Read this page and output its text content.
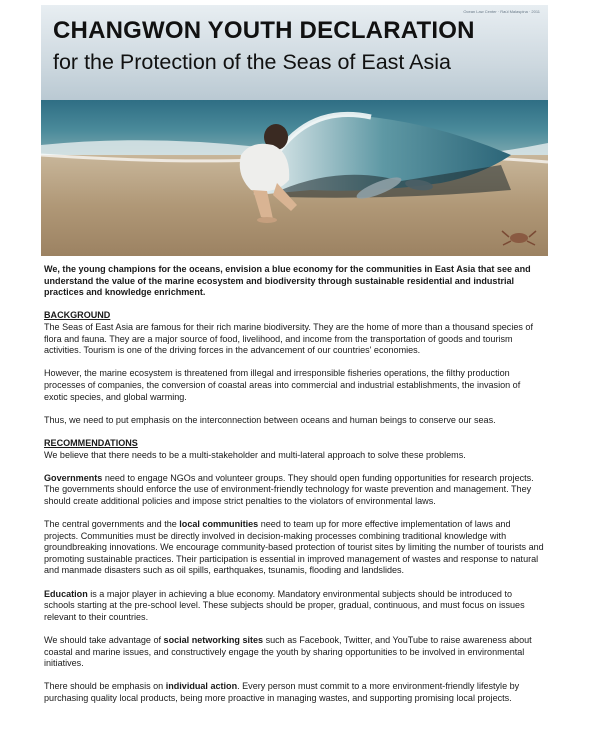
Ocean Law Center · Raúl Malaspina · 2011
CHANGWON YOUTH DECLARATION
for the Protection of the Seas of East Asia

We, the young champions for the oceans, envision a blue economy for the communities in East Asia that see and understand the value of the marine ecosystem and biodiversity through sustainable residential and industrial practices and knowledge enrichment.

BACKGROUND

The Seas of East Asia are famous for their rich marine biodiversity. They are the home of more than a thousand species of flora and fauna. They are a major source of food, livelihood, and income from the transportation of goods and tourism activities. Tourism is one of the driving forces in the advancement of our countries' economies.

However, the marine ecosystem is threatened from illegal and irresponsible fisheries operations, the filthy production processes of companies, the conversion of coastal areas into commercial and industrial establishments, the invasion of exotic species, and global warming.

Thus, we need to put emphasis on the interconnection between oceans and human beings to conserve our seas.

RECOMMENDATIONS

We believe that there needs to be a multi-stakeholder and multi-lateral approach to solve these problems.

Governments need to engage NGOs and volunteer groups. They should open funding opportunities for research projects. The governments should enforce the use of environment-friendly technology for waste prevention and management. They should create additional policies and impose strict penalties to the violators of environmental laws.

The central governments and the local communities need to team up for more effective implementation of laws and projects. Communities must be directly involved in decision-making processes combining traditional knowledge with groundbreaking innovations. We encourage community-based protection of tourist sites by limiting the number of tourists and promoting sustainable practices. Their participation is essential in improved management of wastes and response to natural and manmade disasters such as oil spills, earthquakes, tsunamis, flooding and landslides.

Education is a major player in achieving a blue economy. Mandatory environmental subjects should be introduced to schools starting at the pre-school level. These subjects should be proper, gradual, continuous, and must focus on issues relevant to their countries.

We should take advantage of social networking sites such as Facebook, Twitter, and YouTube to raise awareness about coastal and marine issues, and constructively engage the youth by sharing opportunities to be involved in environmental initiatives.

There should be emphasis on individual action. Every person must commit to a more environment-friendly lifestyle by purchasing quality local products, being more proactive in managing wastes, and supporting promising local projects.
